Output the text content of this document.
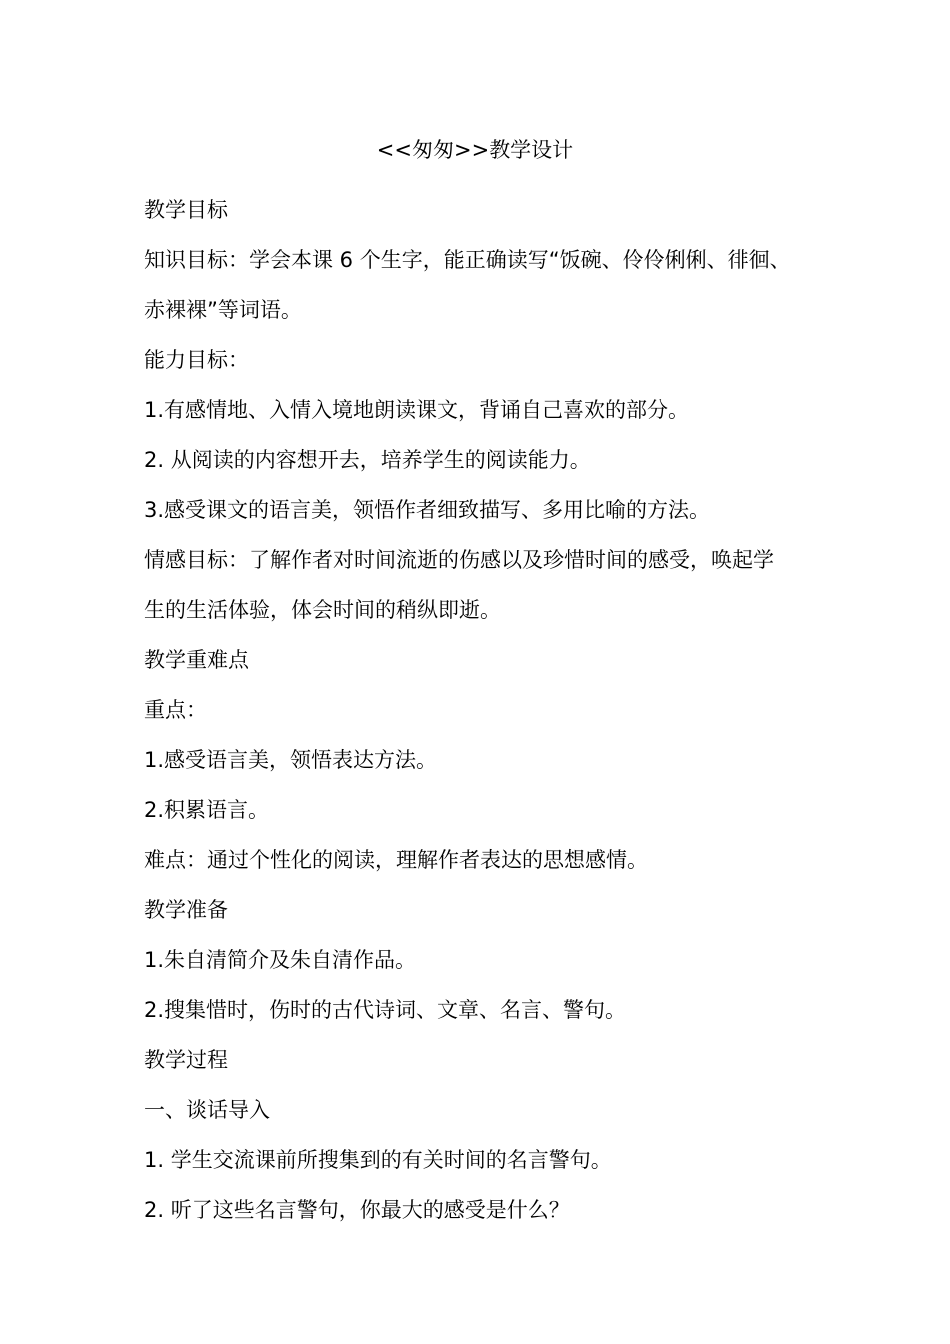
<<匆匆>>教学设计
教学目标
知识目标：学会本课 6 个生字，能正确读写“饭碗、伶伶俐俐、徘徊、
赤裸裸”等词语。
能力目标：
1.有感情地、入情入境地朗读课文，背诵自己喜欢的部分。
2. 从阅读的内容想开去，培养学生的阅读能力。
3.感受课文的语言美，领悟作者细致描写、多用比喻的方法。
情感目标：了解作者对时间流逝的伤感以及珍惜时间的感受，唤起学
生的生活体验，体会时间的稍纵即逝。
教学重难点
重点：
1.感受语言美，领悟表达方法。
2.积累语言。
难点：通过个性化的阅读，理解作者表达的思想感情。
教学准备
1.朱自清简介及朱自清作品。
2.搜集惜时，伤时的古代诗词、文章、名言、警句。
教学过程
一、谈话导入
1. 学生交流课前所搜集到的有关时间的名言警句。
2. 听了这些名言警句，你最大的感受是什么？
